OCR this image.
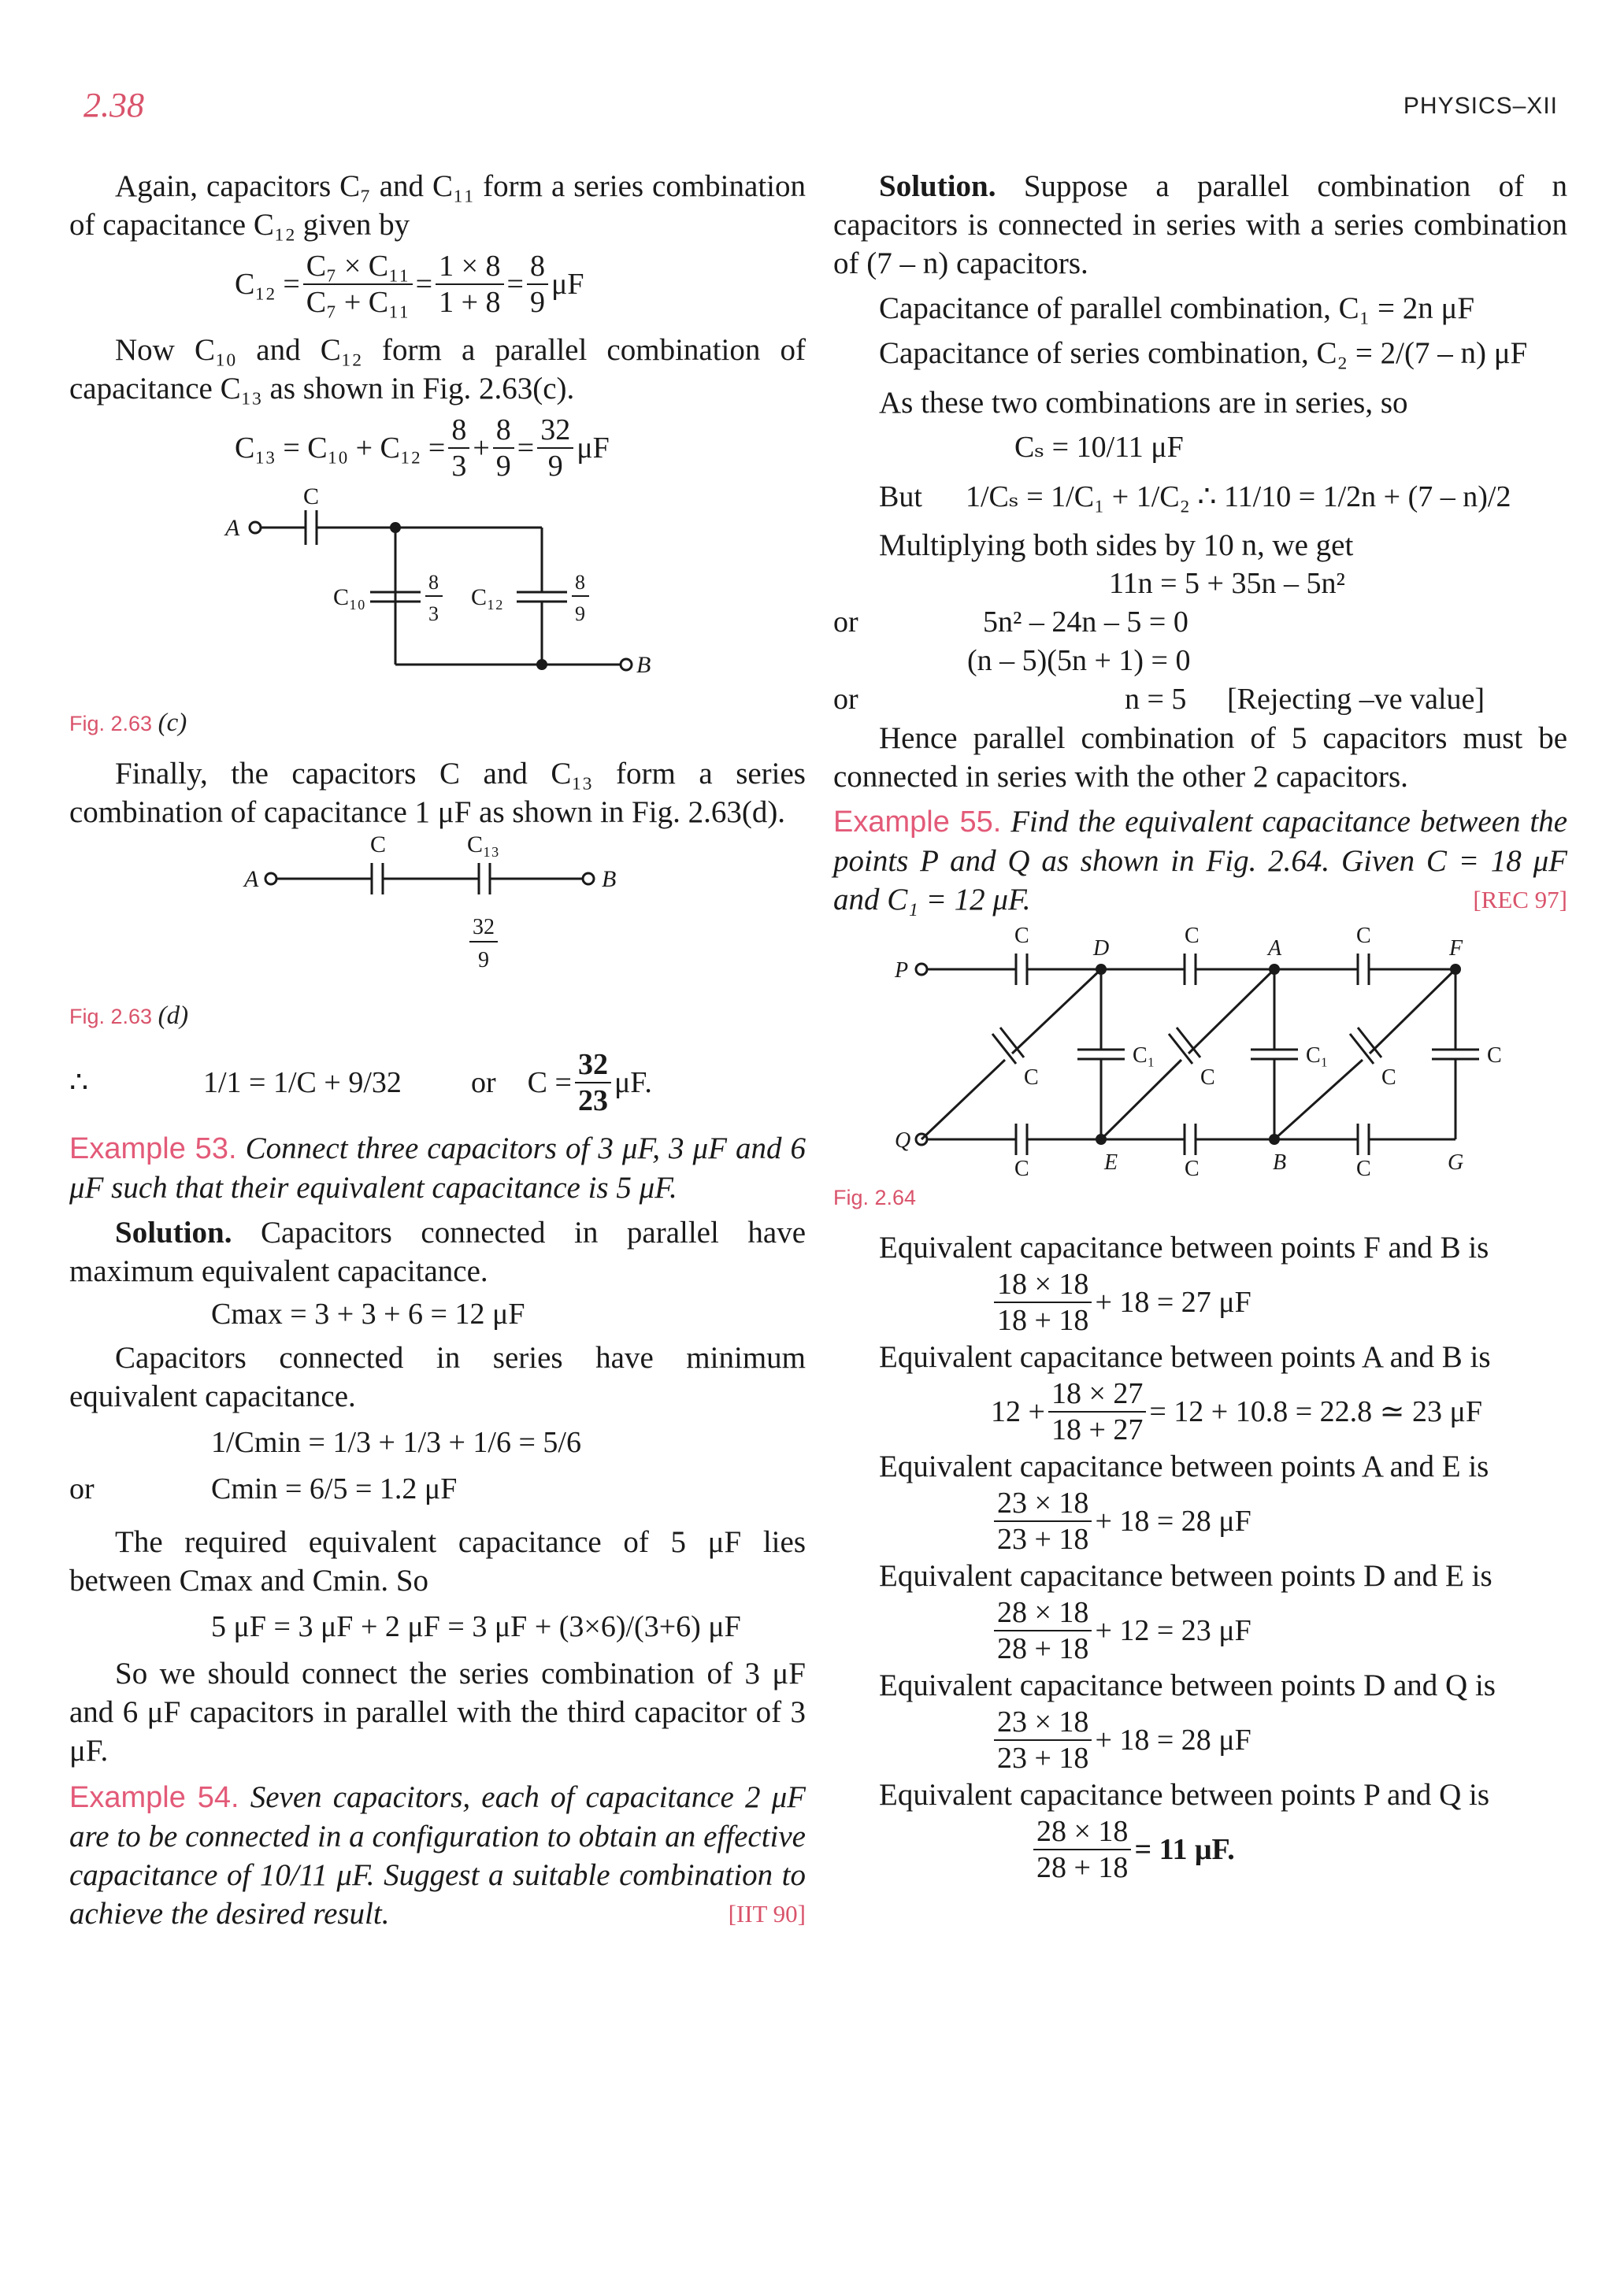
2.38	PHYSICS–XII

Again, capacitors C₇ and C₁₁ form a series combination of capacitance C₁₂ given by

$C_{12} = \frac{\text{C₇ × C₁₁}}{\text{C₇ + C₁₁}} = \frac{1 \times 8}{1 + 8} = \frac{8}{9}$ μF

Now C₁₀ and C₁₂ form a parallel combination of capacitance C₁₃ as shown in Fig. 2.63(c).

$C_{13} = C_{10} + C_{12} = \frac{8}{3} + \frac{8}{9} = \frac{32}{9}$ μF
A
C
C₁₀	C₁₂
8
3
8
9
B

Fig. 2.63 (c)

Finally, the capacitors C and C₁₃ form a series combination of capacitance 1 μF as shown in Fig. 2.63(d).

A
C	C₁₃
B
32
9

Fig. 2.63 (d)

∴	1/1 = 1/C + 9/32	or $C = \frac{32}{23} \mu F$.

Example 53. Connect three capacitors of 3 μF, 3 μF and 6 μF such that their equivalent capacitance is 5 μF.

Solution. Capacitors connected in parallel have maximum equivalent capacitance.

Cmax = 3 + 3 + 6 = 12 μF

Capacitors connected in series have minimum equivalent capacitance.

1/Cmin = 1/3 + 1/3 + 1/6 = 5/6

or	Cmin = 6/5 = 1.2 μF

The required equivalent capacitance of 5 μF lies between Cmax and Cmin. So

5 μF = 3 μF + 2 μF = 3 μF + (3×6)/(3+6) μF

So we should connect the series combination of 3 μF and 6 μF capacitors in parallel with the third capacitor of 3 μF.

Example 54. Seven capacitors, each of capacitance 2 μF are to be connected in a configuration to obtain an effective capacitance of 10/11 μF. Suggest a suitable combination to achieve the desired result.	[IIT 90]

Solution. Suppose a parallel combination of n capacitors is connected in series with a series combination of (7 – n) capacitors.

Capacitance of parallel combination, C₁ = 2n μF

Capacitance of series combination, C₂ = 2/(7 – n) μF

As these two combinations are in series, so

Cₛ = 10/11 μF

But	1/Cₛ = 1/C₁ + 1/C₂ ∴ 11/10 = 1/2n + (7 – n)/2

Multiplying both sides by 10 n, we get

11n = 5 + 35n – 5n²

or	5n² – 24n – 5 = 0

(n – 5)(5n + 1) = 0

or	n = 5	[Rejecting –ve value]

Hence parallel combination of 5 capacitors must be connected in series with the other 2 capacitors.

Example 55. Find the equivalent capacitance between the points P and Q as shown in Fig. 2.64. Given C = 18 μF and C₁ = 12 μF.	[REC 97]

P
Q
C	C	C
D	A	F
C₁	C₁	C
C	C	C
C	C	C
E	B	G

Fig. 2.64

Equivalent capacitance between points F and B is

$\frac{18 \times 18}{18 + 18} + 18 = 27$ μF

Equivalent capacitance between points A and B is

$12 + \frac{18 \times 27}{18 + 27} = 12 + 10.8 = 22.8$ ≃ 23 μF

Equivalent capacitance between points A and E is

$\frac{23 \times 18}{23 + 18} + 18 = 28$ μF

Equivalent capacitance between points D and E is

$\frac{28 \times 18}{28 + 18} + 12 = 23$ μF

Equivalent capacitance between points D and Q is

$\frac{23 \times 18}{23 + 18} + 18 = 28$ μF

Equivalent capacitance between points P and Q is

$\frac{28 \times 18}{28 + 18} = 11$ μF.
